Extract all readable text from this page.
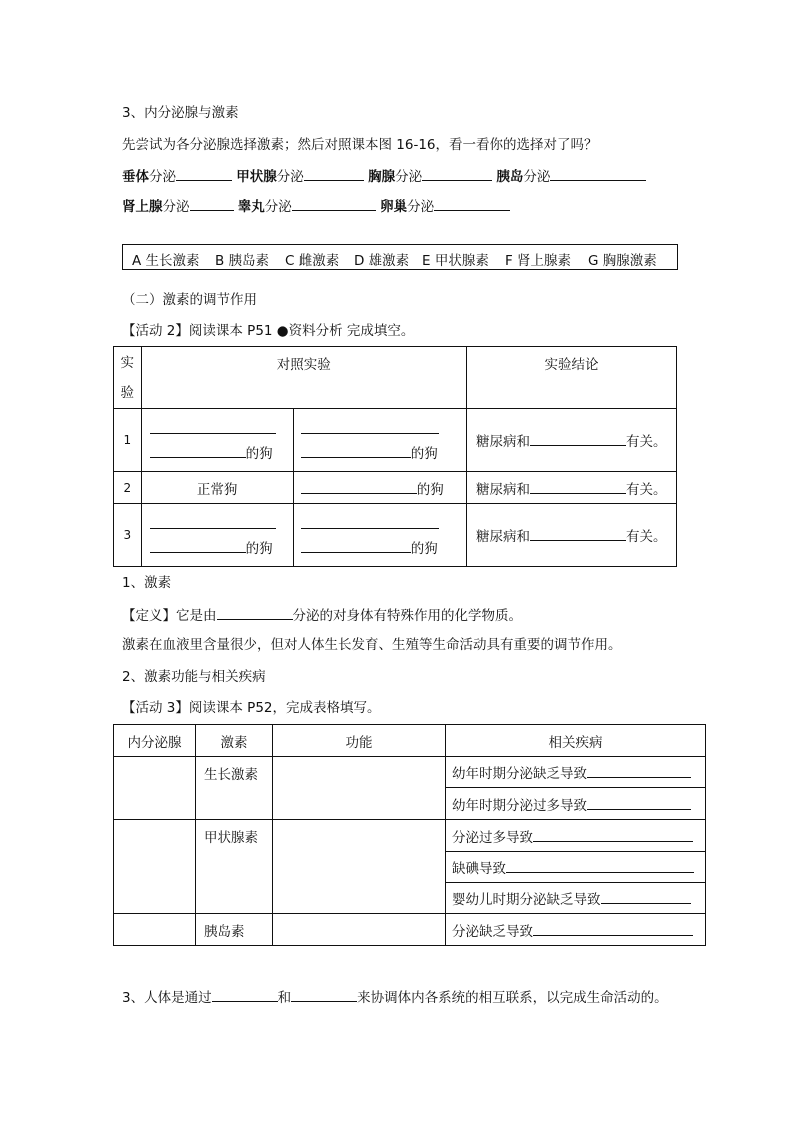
3、内分泌腺与激素
先尝试为各分泌腺选择激素；然后对照课本图 16-16，看一看你的选择对了吗？
垂体分泌	甲状腺分泌	胸腺分泌	胰岛分泌
肾上腺分泌	睾丸分泌	卵巢分泌
A 生长激素 B 胰岛素 C 雌激素 D 雄激素 E 甲状腺素 F 肾上腺素 G 胸腺激素
（二）激素的调节作用
【活动 2】阅读课本 P51 ●资料分析 完成填空。
实
验	对照实验		实验结论
1	的狗	的狗	糖尿病和 有关。
2	正常狗	的狗	糖尿病和 有关。
3	的狗	的狗	糖尿病和 有关。
1、激素
【定义】它是由	分泌的对身体有特殊作用的化学物质。
激素在血液里含量很少，但对人体生长发育、生殖等生命活动具有重要的调节作用。
2、激素功能与相关疾病
【活动 3】阅读课本 P52，完成表格填写。
内分泌腺	激素	功能	相关疾病
	生长激素		幼年时期分泌缺乏导致
			幼年时期分泌过多导致
	甲状腺素		分泌过多导致
			缺碘导致
			婴幼儿时期分泌缺乏导致
	胰岛素		分泌缺乏导致
3、人体是通过	和	来协调体内各系统的相互联系，以完成生命活动的。
